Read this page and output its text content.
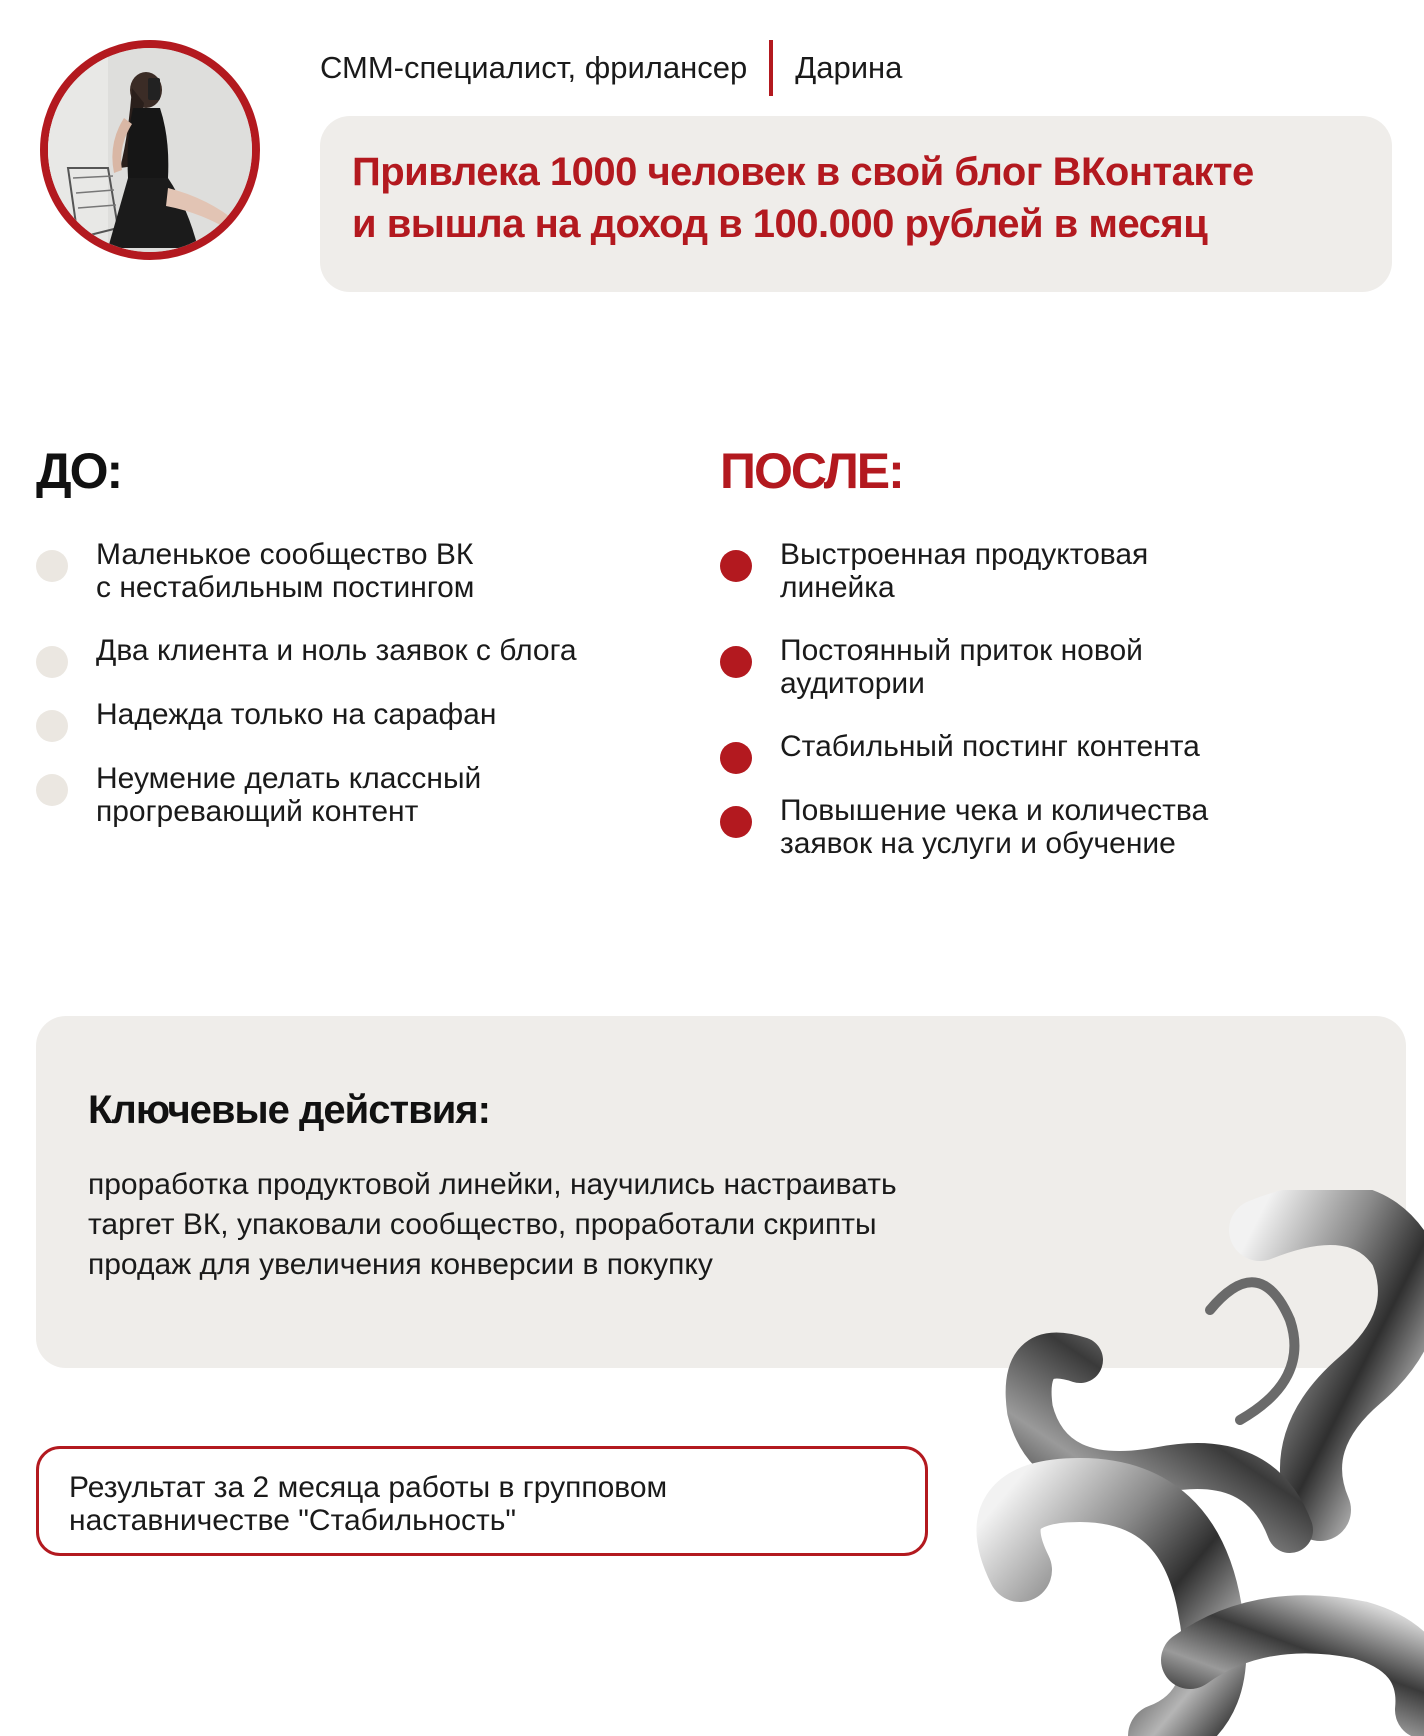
СММ-специалист, фрилансер Дарина
Привлека 1000 человек в свой блог ВКонтакте
и вышла на доход в 100.000 рублей в месяц
ДО:	ПОСЛЕ:
Маленькое сообщество ВК
с нестабильным постингом
Два клиента и ноль заявок с блога
Надежда только на сарафан
Неумение делать классный
прогревающий контент
Выстроенная продуктовая
линейка
Постоянный приток новой
аудитории
Стабильный постинг контента
Повышение чека и количества
заявок на услуги и обучение
Ключевые действия:
проработка продуктовой линейки, научились настраивать
таргет ВК, упаковали сообщество, проработали скрипты
продаж для увеличения конверсии в покупку
Результат за 2 месяца работы в групповом
наставничестве "Стабильность"
